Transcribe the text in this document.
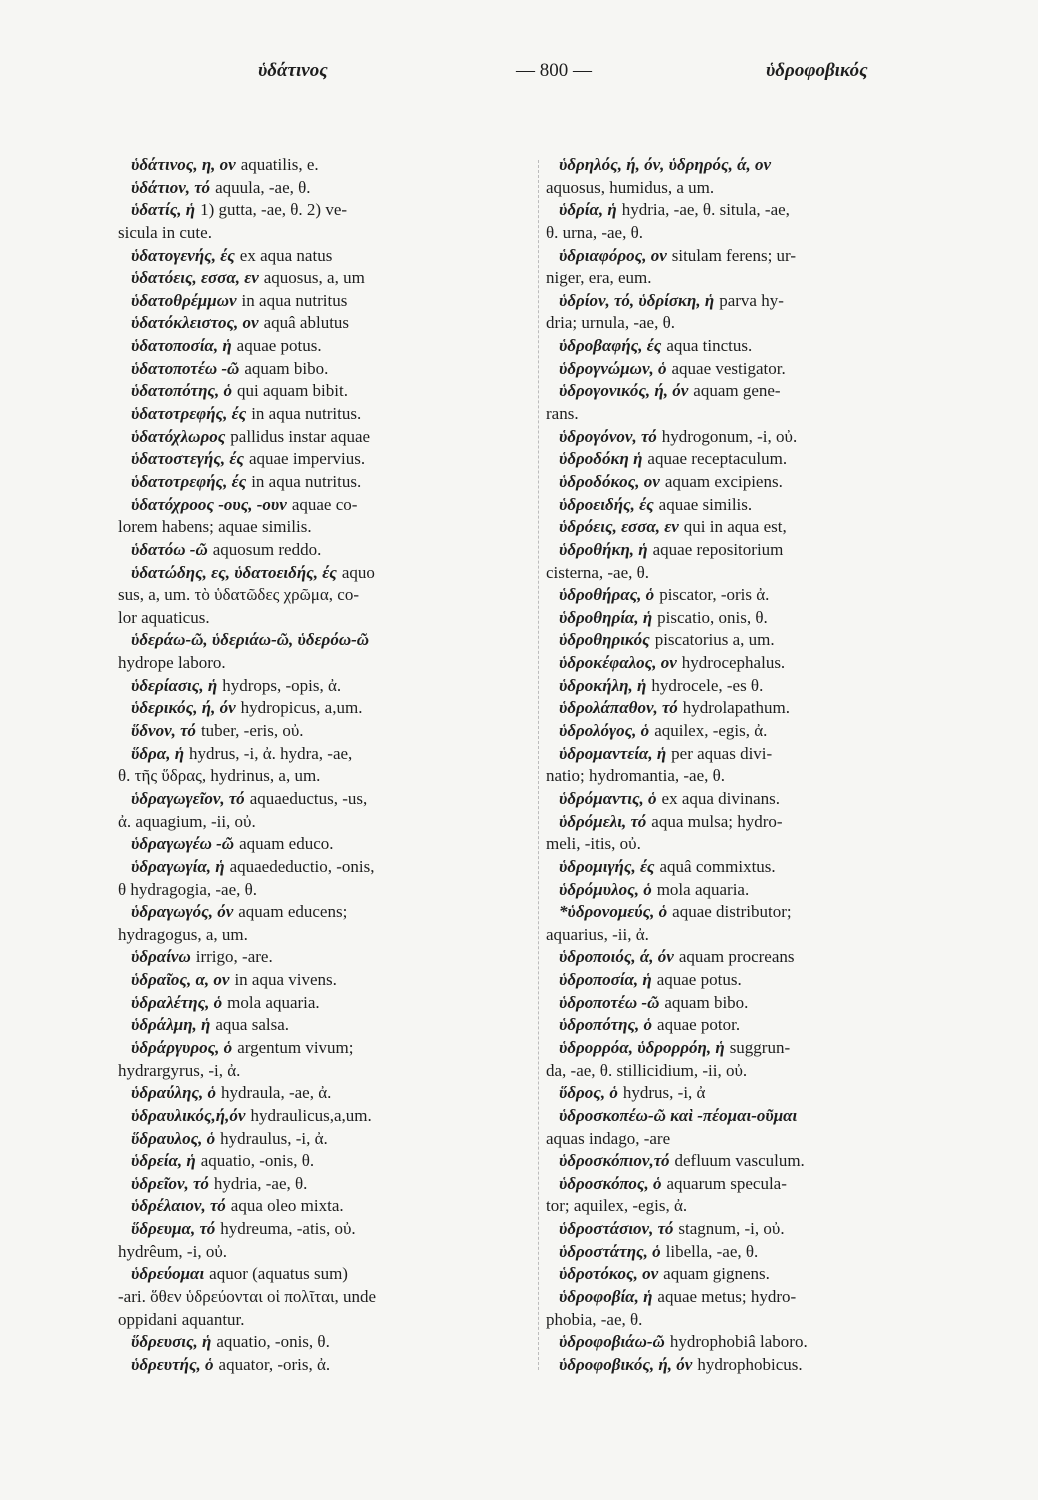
ὑδάτινος	— 800 —	ὑδροφοβικός
ὑδάτινος, η, ον aquatilis, e.
ὑδάτιον, τό aquula, -ae, θ.
ὑδατίς, ἡ 1) gutta, -ae, θ. 2) ve-
sicula in cute.
ὑδατογενής, ές ex aqua natus
ὑδατόεις, εσσα, εν aquosus, a, um
ὑδατοθρέμμων in aqua nutritus
ὑδατόκλειστος, ον aquâ ablutus
ὑδατοποσία, ἡ aquae potus.
ὑδατοποτέω -ῶ aquam bibo.
ὑδατοπότης, ὁ qui aquam bibit.
ὑδατοτρεφής, ές in aqua nutritus.
ὑδατόχλωρος pallidus instar aquae
ὑδατοστεγής, ές aquae impervius.
ὑδατοτρεφής, ές in aqua nutritus.
ὑδατόχροος -ους, -ουν aquae co-
lorem habens; aquae similis.
ὑδατόω -ῶ aquosum reddo.
ὑδατώδης, ες, ὑδατοειδής, ές aquo
sus, a, um. τὸ ὑδατῶδες χρῶμα, co-
lor aquaticus.
ὑδεράω-ῶ, ὑδεριάω-ῶ, ὑδερόω-ῶ
hydrope laboro.
ὑδερίασις, ἡ hydrops, -opis, ἀ.
ὑδερικός, ή, όν hydropicus, a,um.
ὕδνον, τό tuber, -eris, οὐ.
ὕδρα, ἡ hydrus, -i, ἀ. hydra, -ae,
θ. τῆς ὕδρας, hydrinus, a, um.
ὑδραγωγεῖον, τό aquaeductus, -us,
ἀ. aquagium, -ii, οὐ.
ὑδραγωγέω -ῶ aquam educo.
ὑδραγωγία, ἡ aquaedeductio, -onis,
θ hydragogia, -ae, θ.
ὑδραγωγός, όν aquam educens;
hydragogus, a, um.
ὑδραίνω irrigo, -are.
ὑδραῖος, α, ον in aqua vivens.
ὑδραλέτης, ὁ mola aquaria.
ὑδράλμη, ἡ aqua salsa.
ὑδράργυρος, ὁ argentum vivum;
hydrargyrus, -i, ἀ.
ὑδραύλης, ὁ hydraula, -ae, ἀ.
ὑδραυλικός,ή,όν hydraulicus,a,um.
ὕδραυλος, ὁ hydraulus, -i, ἀ.
ὑδρεία, ἡ aquatio, -onis, θ.
ὑδρεῖον, τό hydria, -ae, θ.
ὑδρέλαιον, τό aqua oleo mixta.
ὕδρευμα, τό hydreuma, -atis, οὐ.
hydrêum, -i, οὐ.
ὑδρεύομαι aquor (aquatus sum)
-ari. ὅθεν ὑδρεύονται οἱ πολῖται, unde
oppidani aquantur.
ὕδρευσις, ἡ aquatio, -onis, θ.
ὑδρευτής, ὁ aquator, -oris, ἀ.
ὑδρηλός, ή, όν, ὑδρηρός, ά, ον
aquosus, humidus, a um.
ὑδρία, ἡ hydria, -ae, θ. situla, -ae,
θ. urna, -ae, θ.
ὑδριαφόρος, ον situlam ferens; ur-
niger, era, eum.
ὑδρίον, τό, ὑδρίσκη, ἡ parva hy-
dria; urnula, -ae, θ.
ὑδροβαφής, ές aqua tinctus.
ὑδρογνώμων, ὁ aquae vestigator.
ὑδρογονικός, ή, όν aquam gene-
rans.
ὑδρογόνον, τό hydrogonum, -i, οὐ.
ὑδροδόκη ἡ aquae receptaculum.
ὑδροδόκος, ον aquam excipiens.
ὑδροειδής, ές aquae similis.
ὑδρόεις, εσσα, εν qui in aqua est,
ὑδροθήκη, ἡ aquae repositorium
cisterna, -ae, θ.
ὑδροθήρας, ὁ piscator, -oris ἀ.
ὑδροθηρία, ἡ piscatio, onis, θ.
ὑδροθηρικός piscatorius a, um.
ὑδροκέφαλος, ον hydrocephalus.
ὑδροκήλη, ἡ hydrocele, -es θ.
ὑδρολάπαθον, τό hydrolapathum.
ὑδρολόγος, ὁ aquilex, -egis, ἀ.
ὑδρομαντεία, ἡ per aquas divi-
natio; hydromantia, -ae, θ.
ὑδρόμαντις, ὁ ex aqua divinans.
ὑδρόμελι, τό aqua mulsa; hydro-
meli, -itis, οὐ.
ὑδρομιγής, ές aquâ commixtus.
ὑδρόμυλος, ὁ mola aquaria.
*ὑδρονομεύς, ὁ aquae distributor;
aquarius, -ii, ἀ.
ὑδροποιός, ά, όν aquam procreans
ὑδροποσία, ἡ aquae potus.
ὑδροποτέω -ῶ aquam bibo.
ὑδροπότης, ὁ aquae potor.
ὑδρορρόα, ὑδρορρόη, ἡ suggrun-
da, -ae, θ. stillicidium, -ii, οὐ.
ὕδρος, ὁ hydrus, -i, ἀ
ὑδροσκοπέω-ῶ καὶ -πέομαι-οῦμαι
aquas indago, -are
ὑδροσκόπιον,τό defluum vasculum.
ὑδροσκόπος, ὁ aquarum specula-
tor; aquilex, -egis, ἀ.
ὑδροστάσιον, τό stagnum, -i, οὐ.
ὑδροστάτης, ὁ libella, -ae, θ.
ὑδροτόκος, ον aquam gignens.
ὑδροφοβία, ἡ aquae metus; hydro-
phobia, -ae, θ.
ὑδροφοβιάω-ῶ hydrophobiâ laboro.
ὑδροφοβικός, ή, όν hydrophobicus.
